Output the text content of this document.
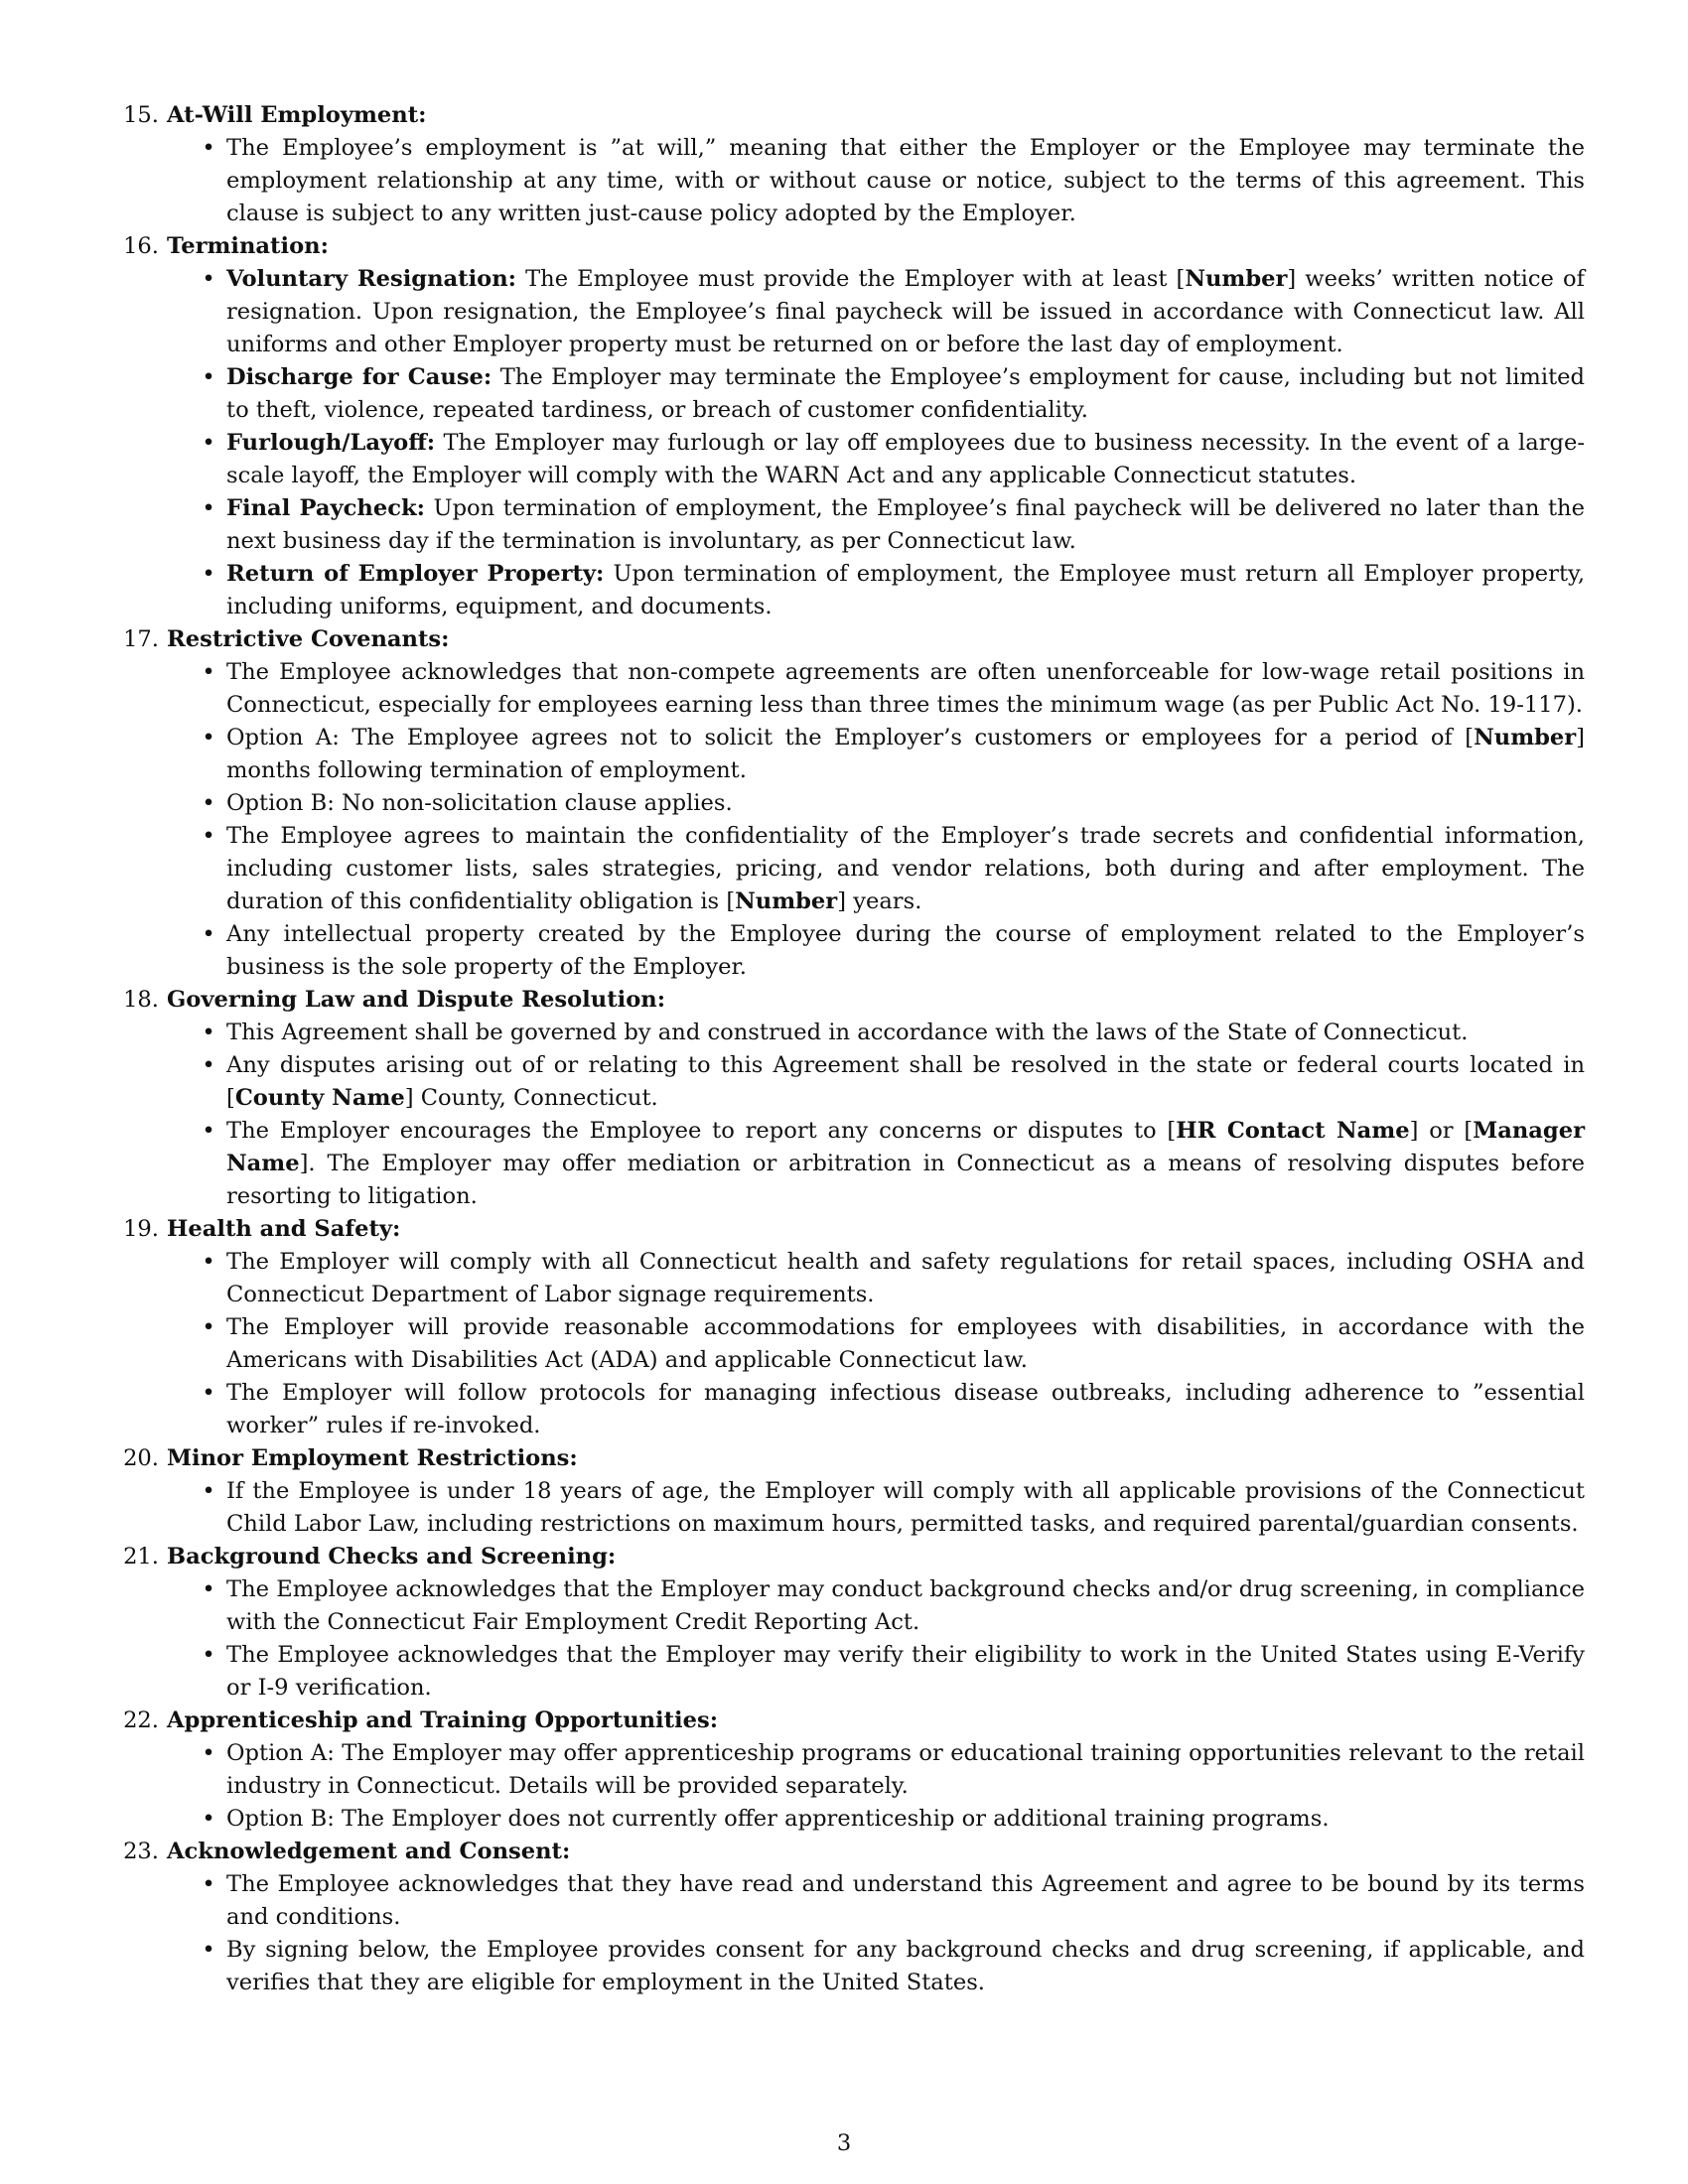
15. At-Will Employment:
• The Employee’s employment is ”at will,” meaning that either the Employer or the Employee may terminate the employment relationship at any time, with or without cause or notice, subject to the terms of this agreement. This clause is subject to any written just-cause policy adopted by the Employer.
16. Termination:
• Voluntary Resignation: The Employee must provide the Employer with at least [Number] weeks’ written notice of resignation. Upon resignation, the Employee’s final paycheck will be issued in accordance with Connecticut law. All uniforms and other Employer property must be returned on or before the last day of employment.
• Discharge for Cause: The Employer may terminate the Employee’s employment for cause, including but not limited to theft, violence, repeated tardiness, or breach of customer confidentiality.
• Furlough/Layoff: The Employer may furlough or lay off employees due to business necessity. In the event of a large-scale layoff, the Employer will comply with the WARN Act and any applicable Connecticut statutes.
• Final Paycheck: Upon termination of employment, the Employee’s final paycheck will be delivered no later than the next business day if the termination is involuntary, as per Connecticut law.
• Return of Employer Property: Upon termination of employment, the Employee must return all Employer property, including uniforms, equipment, and documents.
17. Restrictive Covenants:
• The Employee acknowledges that non-compete agreements are often unenforceable for low-wage retail positions in Connecticut, especially for employees earning less than three times the minimum wage (as per Public Act No. 19-117).
• Option A: The Employee agrees not to solicit the Employer’s customers or employees for a period of [Number] months following termination of employment.
• Option B: No non-solicitation clause applies.
• The Employee agrees to maintain the confidentiality of the Employer’s trade secrets and confidential information, including customer lists, sales strategies, pricing, and vendor relations, both during and after employment. The duration of this confidentiality obligation is [Number] years.
• Any intellectual property created by the Employee during the course of employment related to the Employer’s business is the sole property of the Employer.
18. Governing Law and Dispute Resolution:
• This Agreement shall be governed by and construed in accordance with the laws of the State of Connecticut.
• Any disputes arising out of or relating to this Agreement shall be resolved in the state or federal courts located in [County Name] County, Connecticut.
• The Employer encourages the Employee to report any concerns or disputes to [HR Contact Name] or [Manager Name]. The Employer may offer mediation or arbitration in Connecticut as a means of resolving disputes before resorting to litigation.
19. Health and Safety:
• The Employer will comply with all Connecticut health and safety regulations for retail spaces, including OSHA and Connecticut Department of Labor signage requirements.
• The Employer will provide reasonable accommodations for employees with disabilities, in accordance with the Americans with Disabilities Act (ADA) and applicable Connecticut law.
• The Employer will follow protocols for managing infectious disease outbreaks, including adherence to ”essential worker” rules if re-invoked.
20. Minor Employment Restrictions:
• If the Employee is under 18 years of age, the Employer will comply with all applicable provisions of the Connecticut Child Labor Law, including restrictions on maximum hours, permitted tasks, and required parental/guardian consents.
21. Background Checks and Screening:
• The Employee acknowledges that the Employer may conduct background checks and/or drug screening, in compliance with the Connecticut Fair Employment Credit Reporting Act.
• The Employee acknowledges that the Employer may verify their eligibility to work in the United States using E-Verify or I-9 verification.
22. Apprenticeship and Training Opportunities:
• Option A: The Employer may offer apprenticeship programs or educational training opportunities relevant to the retail industry in Connecticut. Details will be provided separately.
• Option B: The Employer does not currently offer apprenticeship or additional training programs.
23. Acknowledgement and Consent:
• The Employee acknowledges that they have read and understand this Agreement and agree to be bound by its terms and conditions.
• By signing below, the Employee provides consent for any background checks and drug screening, if applicable, and verifies that they are eligible for employment in the United States.
3
